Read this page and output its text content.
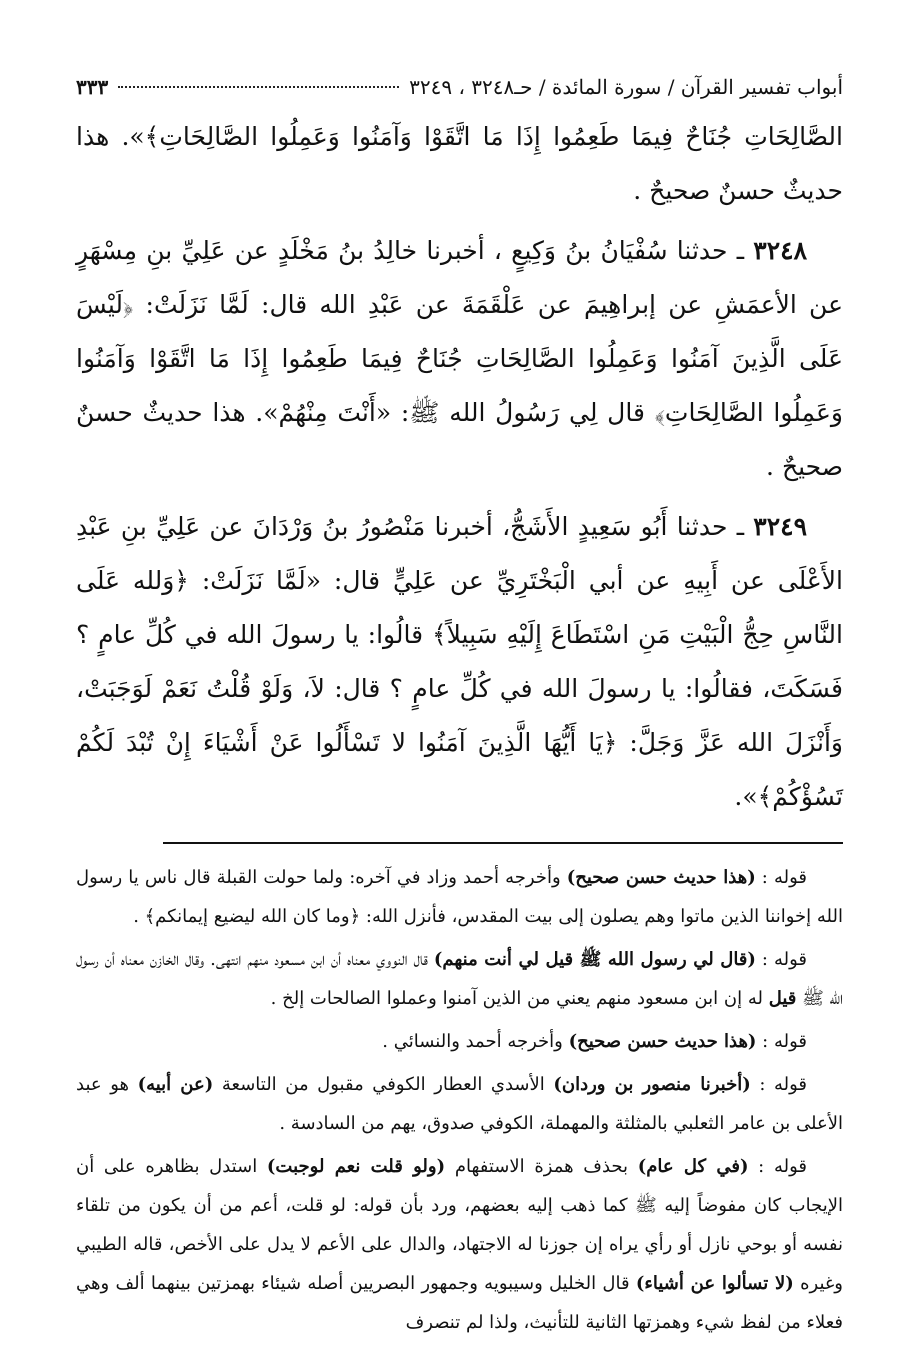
أبواب تفسير القرآن / سورة المائدة / حـ٣٢٤٨ ، ٣٢٤٩
٣٣٣

الصَّالِحَاتِ جُنَاحٌ فِيمَا طَعِمُوا إِذَا مَا اتَّقَوْا وَآمَنُوا وَعَمِلُوا الصَّالِحَاتِ﴾». هذا حديثٌ حسنٌ صحيحٌ .

٣٢٤٨ ـ حدثنا سُفْيَانُ بنُ وَكِيعٍ ، أخبرنا خالِدُ بنُ مَخْلَدٍ عن عَلِيِّ بنِ مِسْهَرٍ عن الأعمَشِ عن إبراهِيمَ عن عَلْقَمَةَ عن عَبْدِ الله قال: لَمَّا نَزَلَتْ: ﴿لَيْسَ عَلَى الَّذِينَ آمَنُوا وَعَمِلُوا الصَّالِحَاتِ جُنَاحٌ فِيمَا طَعِمُوا إِذَا مَا اتَّقَوْا وَآمَنُوا وَعَمِلُوا الصَّالِحَاتِ﴾ قال لِي رَسُولُ الله ﷺ: «أَنْتَ مِنْهُمْ». هذا حديثٌ حسنٌ صحيحٌ .

٣٢٤٩ ـ حدثنا أَبُو سَعِيدٍ الأَشَجُّ، أخبرنا مَنْصُورُ بنُ وَرْدَانَ عن عَلِيِّ بنِ عَبْدِ الأَعْلَى عن أَبِيهِ عن أبي الْبَخْتَرِيِّ عن عَلِيٍّ قال: «لَمَّا نَزَلَتْ: ﴿وَلله عَلَى النَّاسِ حِجُّ الْبَيْتِ مَنِ اسْتَطَاعَ إِلَيْهِ سَبِيلاً﴾ قالُوا: يا رسولَ الله في كُلِّ عامٍ ؟ فَسَكَتَ، فقالُوا: يا رسولَ الله في كُلِّ عامٍ ؟ قال: لاَ، وَلَوْ قُلْتُ نَعَمْ لَوَجَبَتْ، وَأَنْزَلَ الله عَزَّ وَجَلَّ: ﴿يَا أَيُّهَا الَّذِينَ آمَنُوا لا تَسْأَلُوا عَنْ أَشْيَاءَ إِنْ تُبْدَ لَكُمْ تَسُؤْكُمْ﴾».

قوله : (هذا حديث حسن صحيح) وأخرجه أحمد وزاد في آخره: ولما حولت القبلة قال ناس يا رسول الله إخواننا الذين ماتوا وهم يصلون إلى بيت المقدس، فأنزل الله: ﴿وما كان الله ليضيع إيمانكم﴾ .

قوله : (قال لي رسول الله ﷺ قيل لي أنت منهم) قال النووي معناه أن ابن مسعود منهم انتهى. وقال الخازن معناه أن رسول الله ﷺ قيل له إن ابن مسعود منهم يعني من الذين آمنوا وعملوا الصالحات إلخ .

قوله : (هذا حديث حسن صحيح) وأخرجه أحمد والنسائي .

قوله : (أخبرنا منصور بن وردان) الأسدي العطار الكوفي مقبول من التاسعة (عن أبيه) هو عبد الأعلى بن عامر الثعلبي بالمثلثة والمهملة، الكوفي صدوق، يهم من السادسة .

قوله : (في كل عام) بحذف همزة الاستفهام (ولو قلت نعم لوجبت) استدل بظاهره على أن الإيجاب كان مفوضاً إليه ﷺ كما ذهب إليه بعضهم، ورد بأن قوله: لو قلت، أعم من أن يكون من تلقاء نفسه أو بوحي نازل أو رأي يراه إن جوزنا له الاجتهاد، والدال على الأعم لا يدل على الأخص، قاله الطيبي وغيره (لا تسألوا عن أشياء) قال الخليل وسيبويه وجمهور البصريين أصله شيئاء بهمزتين بينهما ألف وهي فعلاء من لفظ شيء وهمزتها الثانية للتأنيث، ولذا لم تنصرف
